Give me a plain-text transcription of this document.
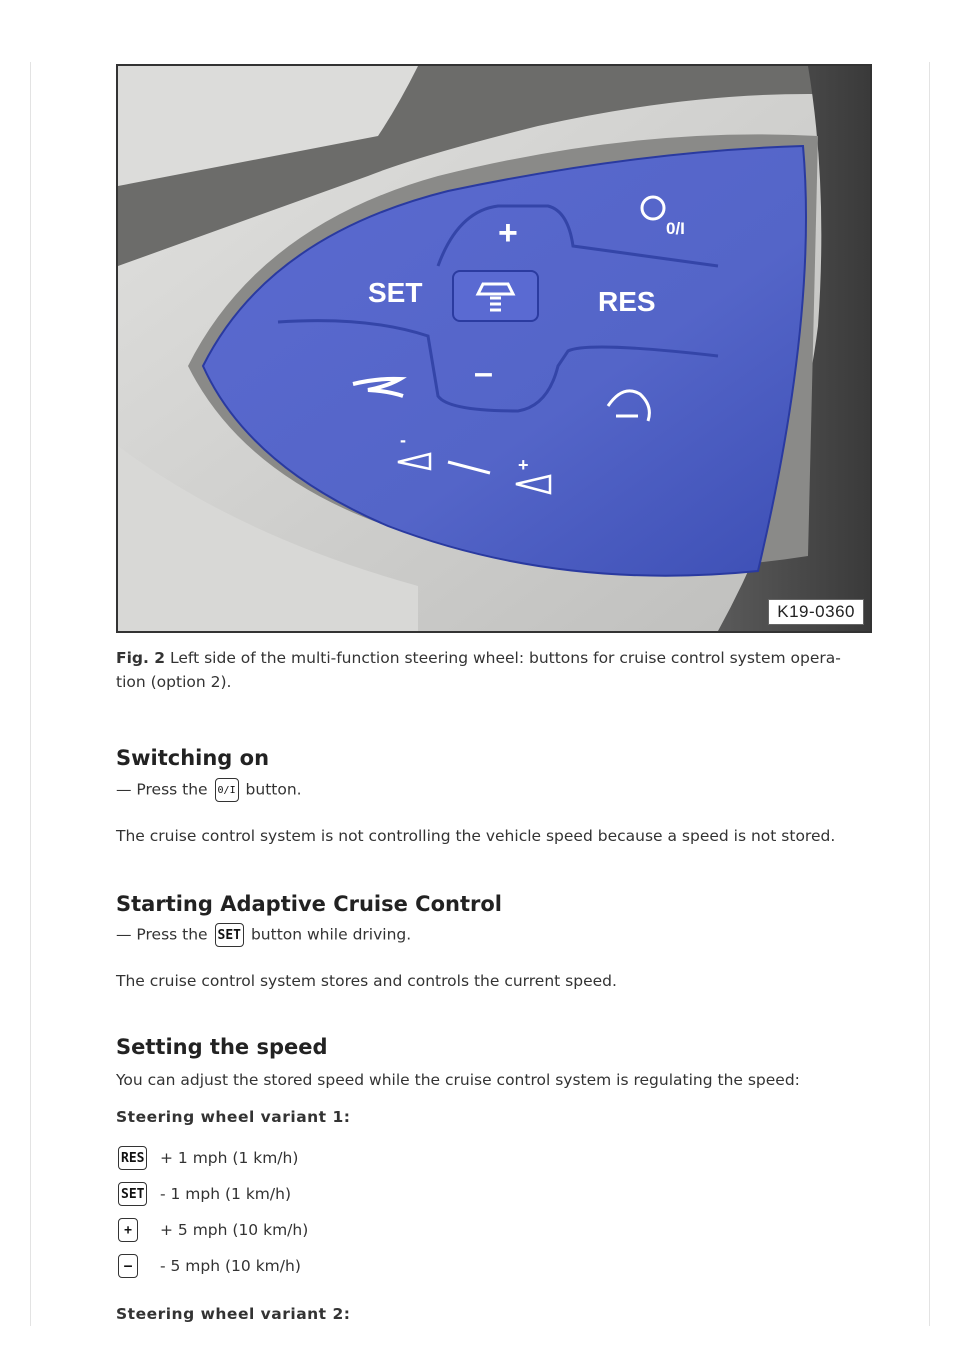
+	0/I
SET	RES
–
-
+
K19-0360
Fig. 2 Left side of the multi-function steering wheel: buttons for cruise control system opera-tion (option 2).
Switching on

— Press the 0/I button.

The cruise control system is not controlling the vehicle speed because a speed is not stored.

Starting Adaptive Cruise Control

— Press the SET button while driving.

The cruise control system stores and controls the current speed.

Setting the speed

You can adjust the stored speed while the cruise control system is regulating the speed:

Steering wheel variant 1:

RES + 1 mph (1 km/h)
SET - 1 mph (1 km/h)
+	+ 5 mph (10 km/h)
–	- 5 mph (10 km/h)

Steering wheel variant 2:
